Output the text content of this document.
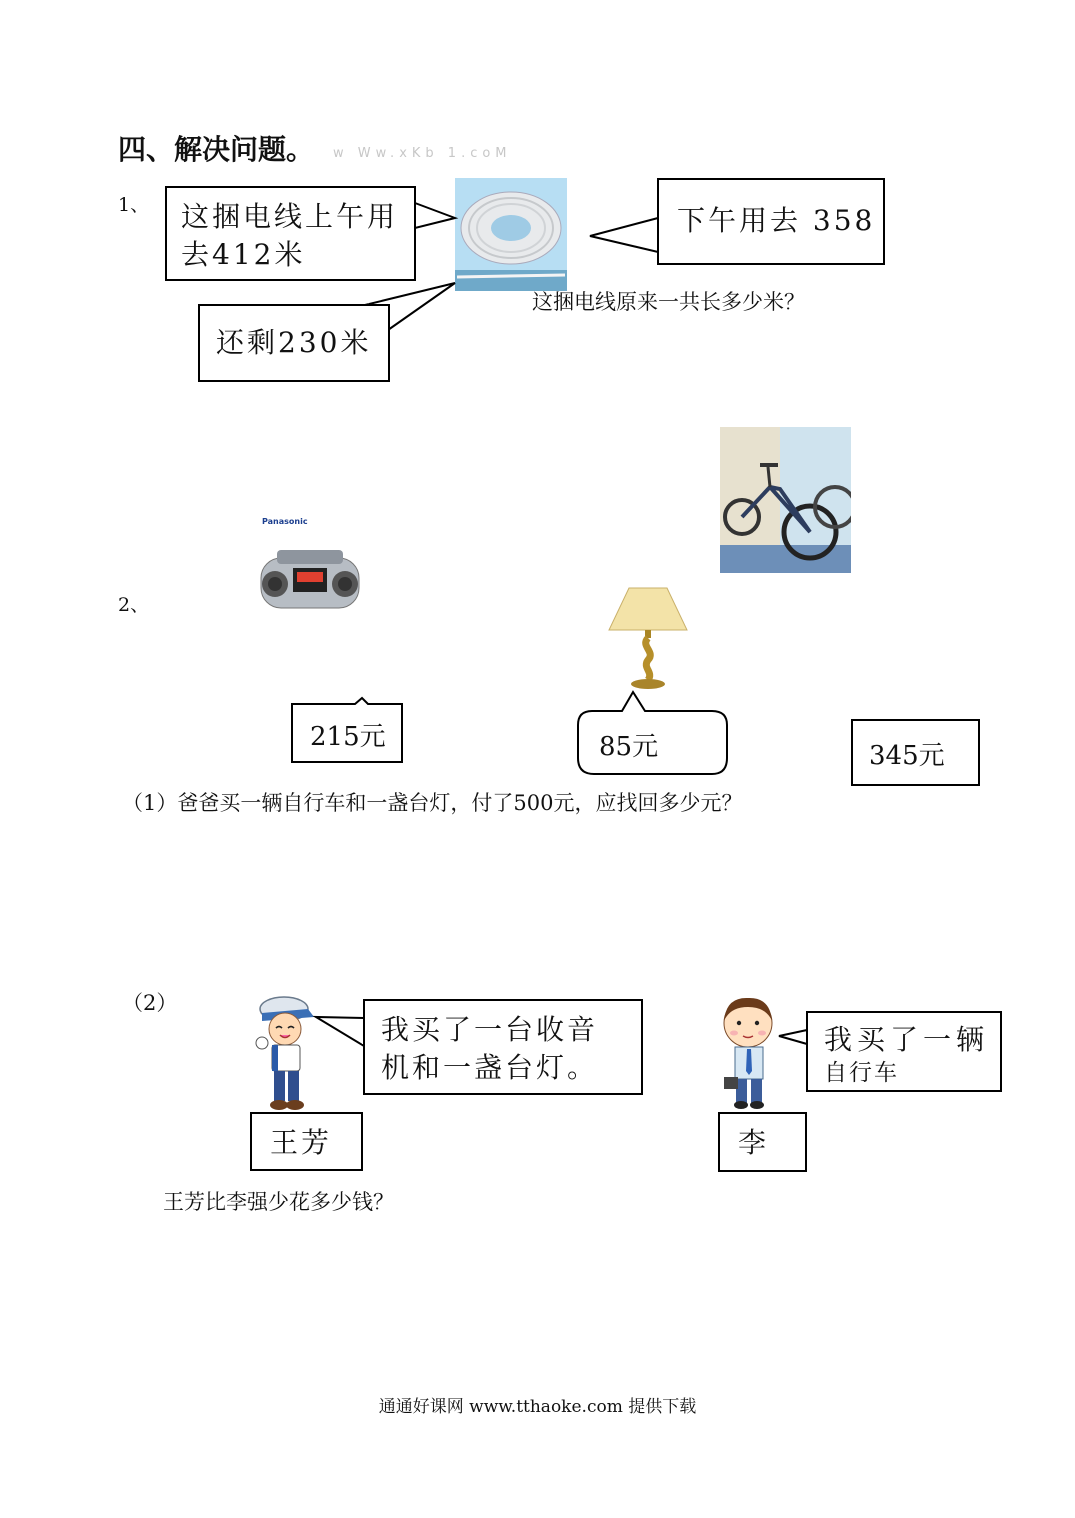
四、解决问题。 w Ww.xKb 1.coM
1、 这捆电线上午用去412米
下午用去 358
还剩230米
这捆电线原来一共长多少米？
2、
Panasonic
215元	85元	345元
（1）爸爸买一辆自行车和一盏台灯，付了500元，应找回多少元？
（2）
我买了一台收音机和一盏台灯。
王芳
我买了一辆
自行车
李
王芳比李强少花多少钱？
通通好课网 www.tthaoke.com 提供下载
